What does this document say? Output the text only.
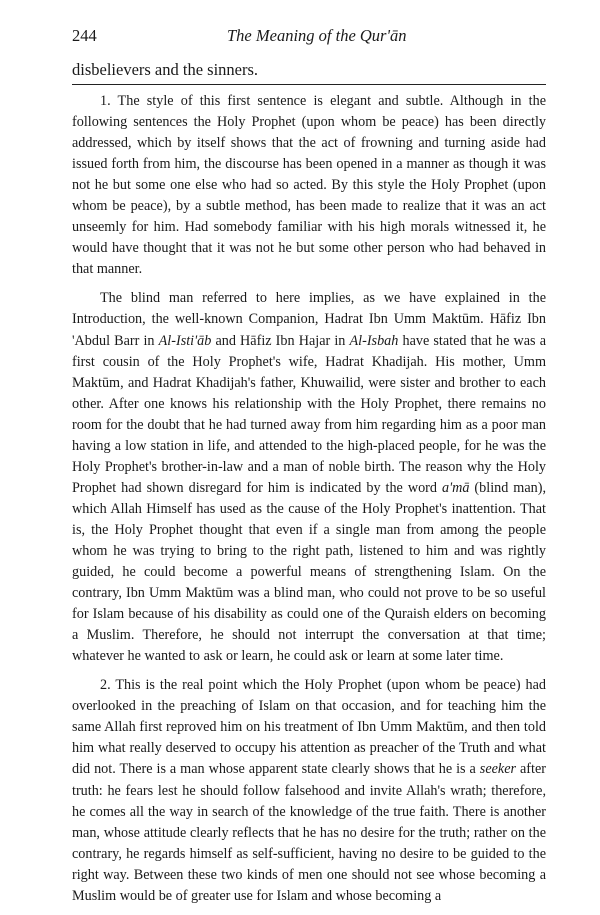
244	The Meaning of the Qur'ān
disbelievers and the sinners.

1. The style of this first sentence is elegant and subtle. Although in the following sentences the Holy Prophet (upon whom be peace) has been directly addressed, which by itself shows that the act of frowning and turning aside had issued forth from him, the discourse has been opened in a manner as though it was not he but some one else who had so acted. By this style the Holy Prophet (upon whom be peace), by a subtle method, has been made to realize that it was an act unseemly for him. Had somebody familiar with his high morals witnessed it, he would have thought that it was not he but some other person who had behaved in that manner.

The blind man referred to here implies, as we have explained in the Introduction, the well-known Companion, Hadrat Ibn Umm Maktūm. Hāfiz Ibn 'Abdul Barr in Al-Isti'āb and Hāfiz Ibn Hajar in Al-Isbah have stated that he was a first cousin of the Holy Prophet's wife, Hadrat Khadijah. His mother, Umm Maktūm, and Hadrat Khadijah's father, Khuwailid, were sister and brother to each other. After one knows his relationship with the Holy Prophet, there remains no room for the doubt that he had turned away from him regarding him as a poor man having a low station in life, and attended to the high-placed people, for he was the Holy Prophet's brother-in-law and a man of noble birth. The reason why the Holy Prophet had shown disregard for him is indicated by the word a'mā (blind man), which Allah Himself has used as the cause of the Holy Prophet's inattention. That is, the Holy Prophet thought that even if a single man from among the people whom he was trying to bring to the right path, listened to him and was rightly guided, he could become a powerful means of strengthening Islam. On the contrary, Ibn Umm Maktūm was a blind man, who could not prove to be so useful for Islam because of his disability as could one of the Quraish elders on becoming a Muslim. Therefore, he should not interrupt the conversation at that time; whatever he wanted to ask or learn, he could ask or learn at some later time.

2. This is the real point which the Holy Prophet (upon whom be peace) had overlooked in the preaching of Islam on that occasion, and for teaching him the same Allah first reproved him on his treatment of Ibn Umm Maktūm, and then told him what really deserved to occupy his attention as preacher of the Truth and what did not. There is a man whose apparent state clearly shows that he is a seeker after truth: he fears lest he should follow falsehood and invite Allah's wrath; therefore, he comes all the way in search of the knowledge of the true faith. There is another man, whose attitude clearly reflects that he has no desire for the truth; rather on the contrary, he regards himself as self-sufficient, having no desire to be guided to the right way. Between these two kinds of men one should not see whose becoming a Muslim would be of greater use for Islam and whose becoming a
